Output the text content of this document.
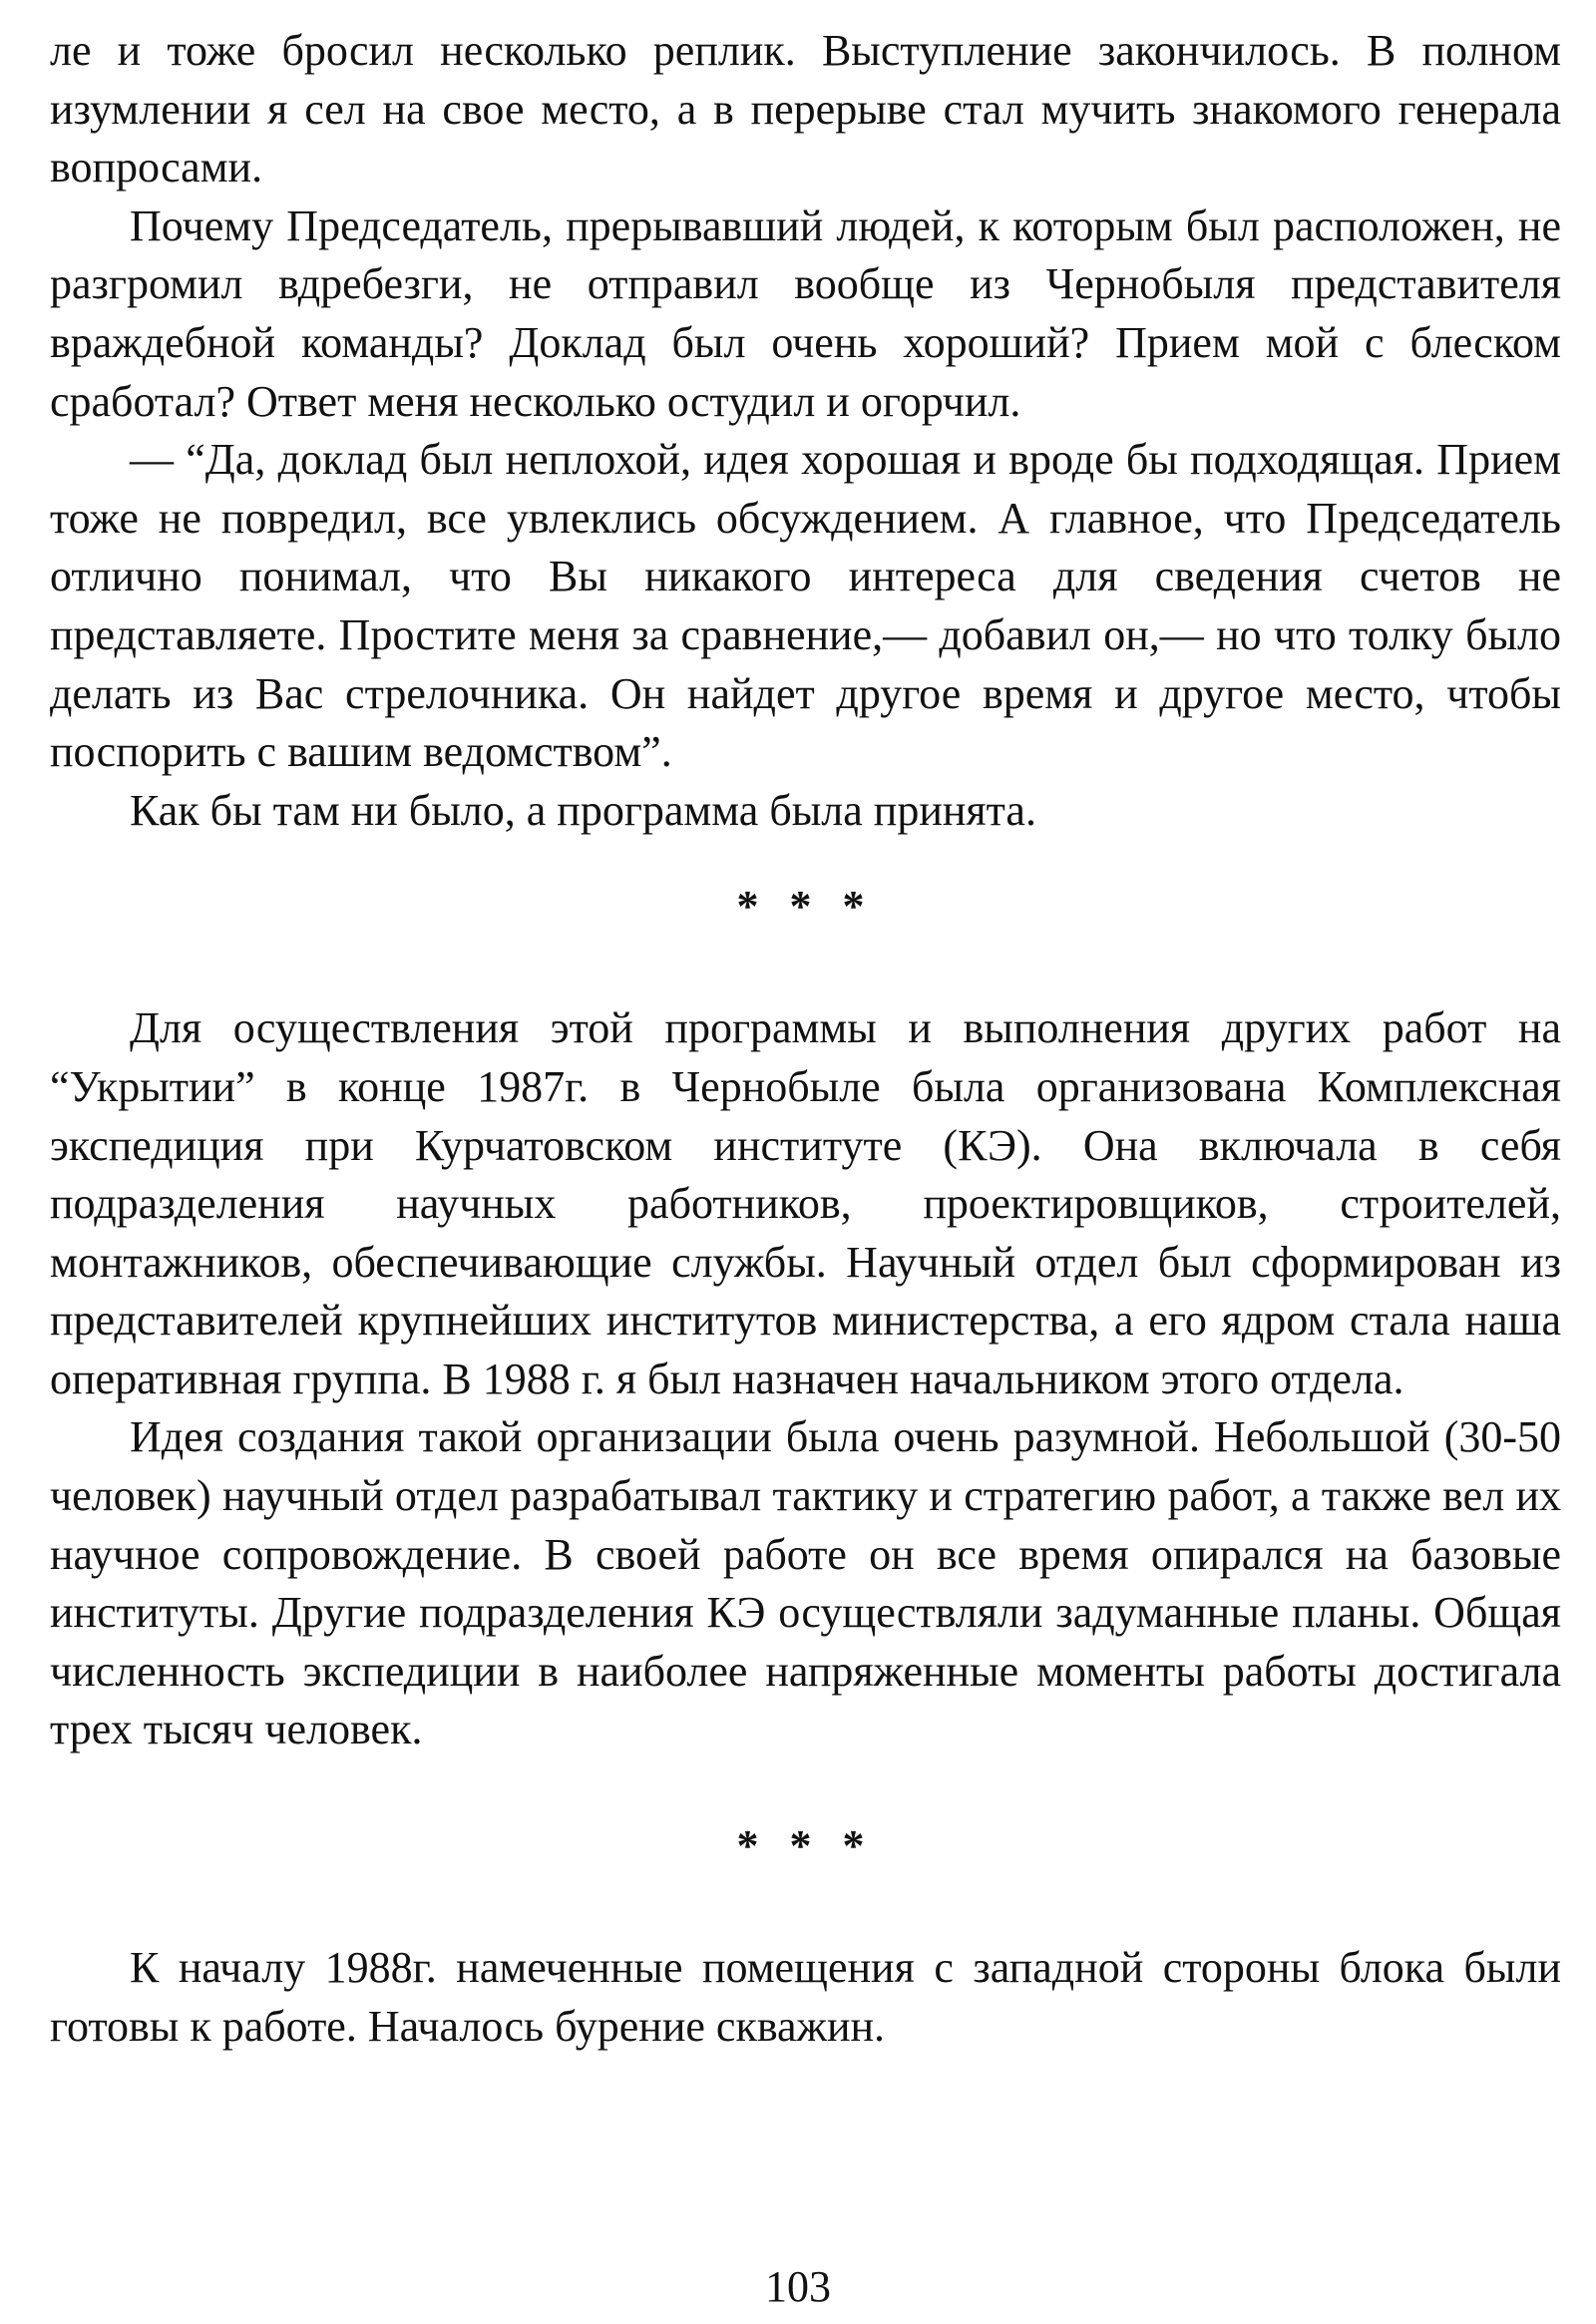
ле и тоже бросил несколько реплик. Выступление закончилось. В полном изумлении я сел на свое место, а в перерыве стал мучить знакомого генерала вопросами.

Почему Председатель, прерывавший людей, к которым был расположен, не разгромил вдребезги, не отправил вообще из Чернобыля представителя враждебной команды? Доклад был очень хороший? Прием мой с блеском сработал? Ответ меня несколько остудил и огорчил.

— “Да, доклад был неплохой, идея хорошая и вроде бы подходящая. Прием тоже не повредил, все увлеклись обсуждением. А главное, что Председатель отлично понимал, что Вы никакого интереса для сведения счетов не представляете. Простите меня за сравнение,— добавил он,— но что толку было делать из Вас стрелочника. Он найдет другое время и другое место, чтобы поспорить с вашим ведомством”.

Как бы там ни было, а программа была принята.

* * *

Для осуществления этой программы и выполнения других работ на “Укрытии” в конце 1987г. в Чернобыле была организована Комплексная экспедиция при Курчатовском институте (КЭ). Она включала в себя подразделения научных работников, проектировщиков, строителей, монтажников, обеспечивающие службы. Научный отдел был сформирован из представителей крупнейших институтов министерства, а его ядром стала наша оперативная группа. В 1988 г. я был назначен начальником этого отдела.

Идея создания такой организации была очень разумной. Небольшой (30-50 человек) научный отдел разрабатывал тактику и стратегию работ, а также вел их научное сопровождение. В своей работе он все время опирался на базовые институты. Другие подразделения КЭ осуществляли задуманные планы. Общая численность экспедиции в наиболее напряженные моменты работы достигала трех тысяч человек.

* * *

К началу 1988г. намеченные помещения с западной стороны блока были готовы к работе. Началось бурение скважин.

103
